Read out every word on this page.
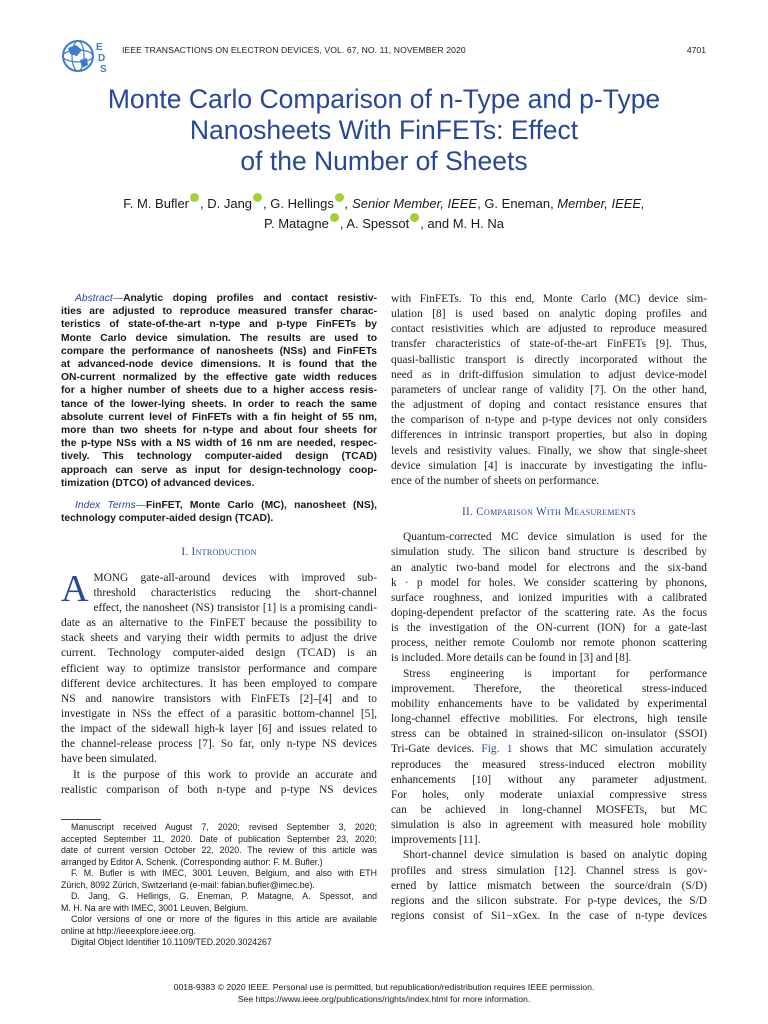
E
D
S
IEEE TRANSACTIONS ON ELECTRON DEVICES, VOL. 67, NO. 11, NOVEMBER 2020	4701
Monte Carlo Comparison of n-Type and p-Type
Nanosheets With FinFETs: Effect
of the Number of Sheets
F. M. Bufler , D. Jang , G. Hellings , Senior Member, IEEE, G. Eneman, Member, IEEE,
P. Matagne , A. Spessot , and M. H. Na
Abstract—Analytic doping profiles and contact resistiv-
ities are adjusted to reproduce measured transfer charac-
teristics of state-of-the-art n-type and p-type FinFETs by
Monte Carlo device simulation. The results are used to
compare the performance of nanosheets (NSs) and FinFETs
at advanced-node device dimensions. It is found that the
ON-current normalized by the effective gate width reduces
for a higher number of sheets due to a higher access resis-
tance of the lower-lying sheets. In order to reach the same
absolute current level of FinFETs with a fin height of 55 nm,
more than two sheets for n-type and about four sheets for
the p-type NSs with a NS width of 16 nm are needed, respec-
tively. This technology computer-aided design (TCAD)
approach can serve as input for design-technology coop-
timization (DTCO) of advanced devices.
Index Terms—FinFET, Monte Carlo (MC), nanosheet (NS),
technology computer-aided design (TCAD).
I. Introduction
A MONG gate-all-around devices with improved sub-
threshold characteristics reducing the short-channel
effect, the nanosheet (NS) transistor [1] is a promising candi-
date as an alternative to the FinFET because the possibility to
stack sheets and varying their width permits to adjust the drive
current. Technology computer-aided design (TCAD) is an
efficient way to optimize transistor performance and compare
different device architectures. It has been employed to compare
NS and nanowire transistors with FinFETs [2]–[4] and to
investigate in NSs the effect of a parasitic bottom-channel [5],
the impact of the sidewall high-k layer [6] and issues related to
the channel-release process [7]. So far, only n-type NS devices
have been simulated.
It is the purpose of this work to provide an accurate and
realistic comparison of both n-type and p-type NS devices
Manuscript received August 7, 2020; revised September 3, 2020;
accepted September 11, 2020. Date of publication September 23, 2020;
date of current version October 22, 2020. The review of this article was
arranged by Editor A. Schenk. (Corresponding author: F. M. Bufler.)
F. M. Bufler is with IMEC, 3001 Leuven, Belgium, and also with ETH
Zürich, 8092 Zürich, Switzerland (e-mail: fabian.bufler@imec.be).
D. Jang, G. Hellings, G. Eneman, P. Matagne, A. Spessot, and
M. H. Na are with IMEC, 3001 Leuven, Belgium.
Color versions of one or more of the figures in this article are available
online at http://ieeexplore.ieee.org.
Digital Object Identifier 10.1109/TED.2020.3024267
with FinFETs. To this end, Monte Carlo (MC) device sim-
ulation [8] is used based on analytic doping profiles and
contact resistivities which are adjusted to reproduce measured
transfer characteristics of state-of-the-art FinFETs [9]. Thus,
quasi-ballistic transport is directly incorporated without the
need as in drift-diffusion simulation to adjust device-model
parameters of unclear range of validity [7]. On the other hand,
the adjustment of doping and contact resistance ensures that
the comparison of n-type and p-type devices not only considers
differences in intrinsic transport properties, but also in doping
levels and resistivity values. Finally, we show that single-sheet
device simulation [4] is inaccurate by investigating the influ-
ence of the number of sheets on performance.
II. Comparison With Measurements
Quantum-corrected MC device simulation is used for the
simulation study. The silicon band structure is described by
an analytic two-band model for electrons and the six-band
k · p model for holes. We consider scattering by phonons,
surface roughness, and ionized impurities with a calibrated
doping-dependent prefactor of the scattering rate. As the focus
is the investigation of the ON-current (ION) for a gate-last
process, neither remote Coulomb nor remote phonon scattering
is included. More details can be found in [3] and [8].
Stress engineering is important for performance
improvement. Therefore, the theoretical stress-induced
mobility enhancements have to be validated by experimental
long-channel effective mobilities. For electrons, high tensile
stress can be obtained in strained-silicon on-insulator (SSOI)
Tri-Gate devices. Fig. 1 shows that MC simulation accurately
reproduces the measured stress-induced electron mobility
enhancements [10] without any parameter adjustment.
For holes, only moderate uniaxial compressive stress
can be achieved in long-channel MOSFETs, but MC
simulation is also in agreement with measured hole mobility
improvements [11].
Short-channel device simulation is based on analytic doping
profiles and stress simulation [12]. Channel stress is gov-
erned by lattice mismatch between the source/drain (S/D)
regions and the silicon substrate. For p-type devices, the S/D
regions consist of Si1−xGex. In the case of n-type devices
0018-9383 © 2020 IEEE. Personal use is permitted, but republication/redistribution requires IEEE permission.
See https://www.ieee.org/publications/rights/index.html for more information.
